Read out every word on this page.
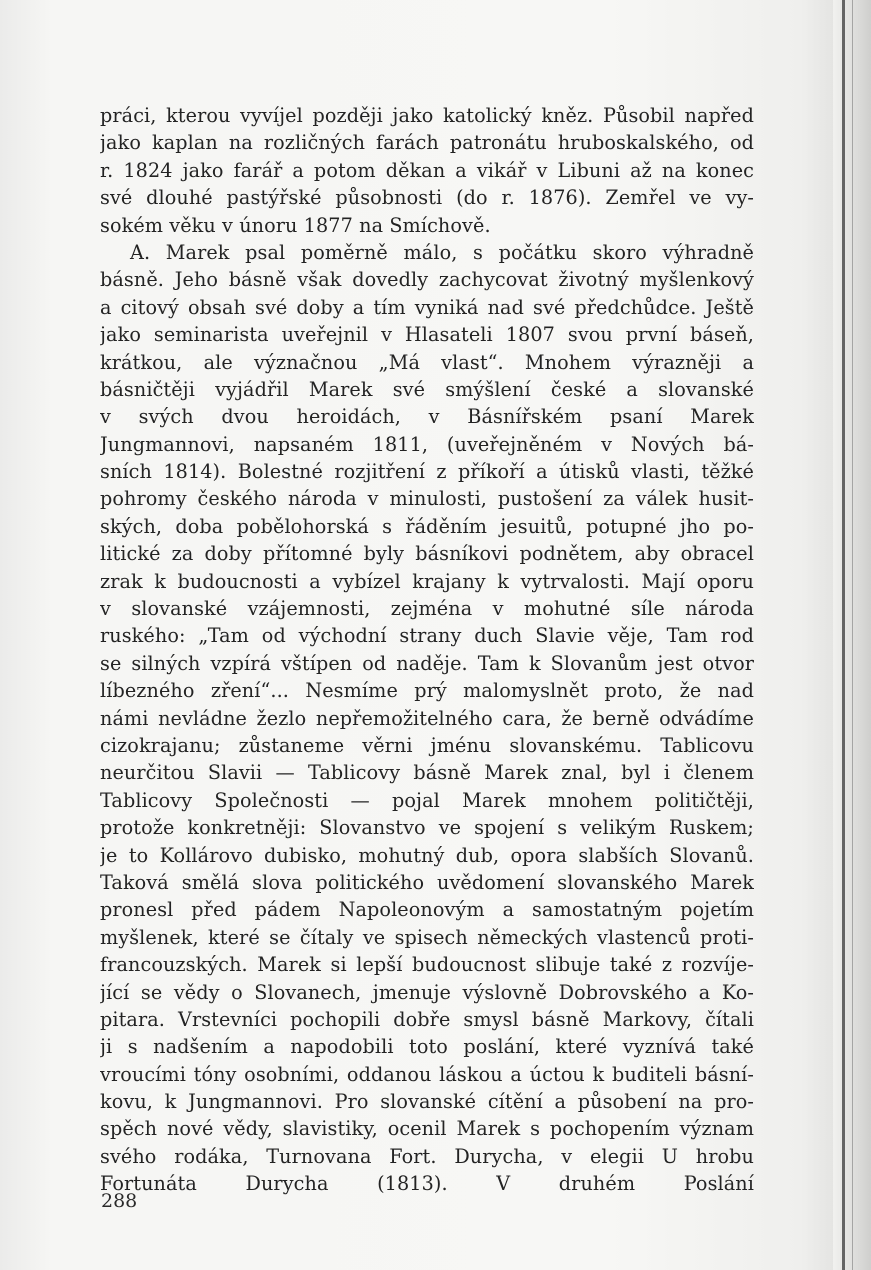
práci, kterou vyvíjel později jako katolický kněz. Působil napřed
jako kaplan na rozličných farách patronátu hruboskalského, od
r. 1824 jako farář a potom děkan a vikář v Libuni až na konec
své dlouhé pastýřské působnosti (do r. 1876). Zemřel ve vy-
sokém věku v únoru 1877 na Smíchově.
A. Marek psal poměrně málo, s počátku skoro výhradně
básně. Jeho básně však dovedly zachycovat životný myšlenkový
a citový obsah své doby a tím vyniká nad své předchůdce. Ještě
jako seminarista uveřejnil v Hlasateli 1807 svou první báseň,
krátkou, ale význačnou „Má vlast“. Mnohem výrazněji a
básničtěji vyjádřil Marek své smýšlení české a slovanské
v svých dvou heroidách, v Básnířském psaní Marek
Jungmannovi, napsaném 1811, (uveřejněném v Nových bá-
sních 1814). Bolestné rozjitření z příkoří a útisků vlasti, těžké
pohromy českého národa v minulosti, pustošení za válek husit-
ských, doba pobělohorská s řáděním jesuitů, potupné jho po-
litické za doby přítomné byly básníkovi podnětem, aby obracel
zrak k budoucnosti a vybízel krajany k vytrvalosti. Mají oporu
v slovanské vzájemnosti, zejména v mohutné síle národa
ruského: „Tam od východní strany duch Slavie věje, Tam rod
se silných vzpírá vštípen od naděje. Tam k Slovanům jest otvor
líbezného zření“... Nesmíme prý malomyslnět proto, že nad
námi nevládne žezlo nepřemožitelného cara, že berně odvádíme
cizokrajanu; zůstaneme věrni jménu slovanskému. Tablicovu
neurčitou Slavii — Tablicovy básně Marek znal, byl i členem
Tablicovy Společnosti — pojal Marek mnohem političtěji,
protože konkretněji: Slovanstvo ve spojení s velikým Ruskem;
je to Kollárovo dubisko, mohutný dub, opora slabších Slovanů.
Taková smělá slova politického uvědomení slovanského Marek
pronesl před pádem Napoleonovým a samostatným pojetím
myšlenek, které se čítaly ve spisech německých vlastenců proti-
francouzských. Marek si lepší budoucnost slibuje také z rozvíje-
jící se vědy o Slovanech, jmenuje výslovně Dobrovského a Ko-
pitara. Vrstevníci pochopili dobře smysl básně Markovy, čítali
ji s nadšením a napodobili toto poslání, které vyznívá také
vroucími tóny osobními, oddanou láskou a úctou k buditeli básní-
kovu, k Jungmannovi. Pro slovanské cítění a působení na pro-
spěch nové vědy, slavistiky, ocenil Marek s pochopením význam
svého rodáka, Turnovana Fort. Durycha, v elegii U hrobu
Fortunáta Durycha (1813). V druhém Poslání
288
